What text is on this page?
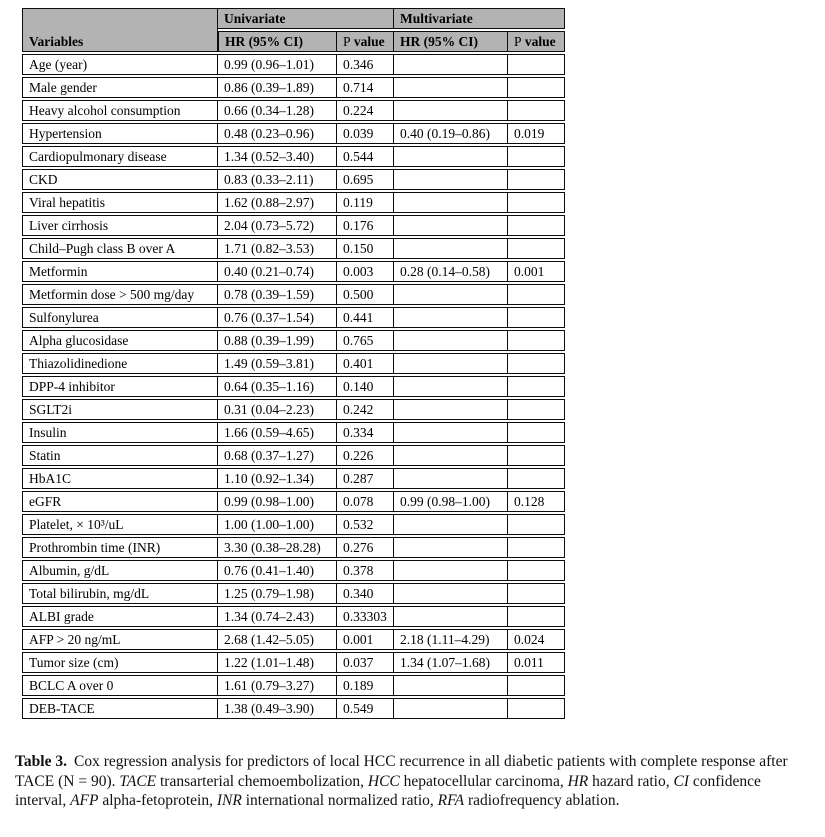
Variables	Univariate		Multivariate	
	HR (95% CI)	P value	HR (95% CI)	P value
Age (year)	0.99 (0.96–1.01)	0.346		
Male gender	0.86 (0.39–1.89)	0.714		
Heavy alcohol consumption	0.66 (0.34–1.28)	0.224		
Hypertension	0.48 (0.23–0.96)	0.039	0.40 (0.19–0.86)	0.019
Cardiopulmonary disease	1.34 (0.52–3.40)	0.544		
CKD	0.83 (0.33–2.11)	0.695		
Viral hepatitis	1.62 (0.88–2.97)	0.119		
Liver cirrhosis	2.04 (0.73–5.72)	0.176		
Child–Pugh class B over A	1.71 (0.82–3.53)	0.150		
Metformin	0.40 (0.21–0.74)	0.003	0.28 (0.14–0.58)	0.001
Metformin dose > 500 mg/day	0.78 (0.39–1.59)	0.500		
Sulfonylurea	0.76 (0.37–1.54)	0.441		
Alpha glucosidase	0.88 (0.39–1.99)	0.765		
Thiazolidinedione	1.49 (0.59–3.81)	0.401		
DPP-4 inhibitor	0.64 (0.35–1.16)	0.140		
SGLT2i	0.31 (0.04–2.23)	0.242		
Insulin	1.66 (0.59–4.65)	0.334		
Statin	0.68 (0.37–1.27)	0.226		
HbA1C	1.10 (0.92–1.34)	0.287		
eGFR	0.99 (0.98–1.00)	0.078	0.99 (0.98–1.00)	0.128
Platelet, × 10³/uL	1.00 (1.00–1.00)	0.532		
Prothrombin time (INR)	3.30 (0.38–28.28)	0.276		
Albumin, g/dL	0.76 (0.41–1.40)	0.378		
Total bilirubin, mg/dL	1.25 (0.79–1.98)	0.340		
ALBI grade	1.34 (0.74–2.43)	0.33303		
AFP > 20 ng/mL	2.68 (1.42–5.05)	0.001	2.18 (1.11–4.29)	0.024
Tumor size (cm)	1.22 (1.01–1.48)	0.037	1.34 (1.07–1.68)	0.011
BCLC A over 0	1.61 (0.79–3.27)	0.189		
DEB-TACE	1.38 (0.49–3.90)	0.549		

Table 3. Cox regression analysis for predictors of local HCC recurrence in all diabetic patients with complete response after TACE (N = 90). TACE transarterial chemoembolization, HCC hepatocellular carcinoma, HR hazard ratio, CI confidence interval, AFP alpha-fetoprotein, INR international normalized ratio, RFA radiofrequency ablation.
